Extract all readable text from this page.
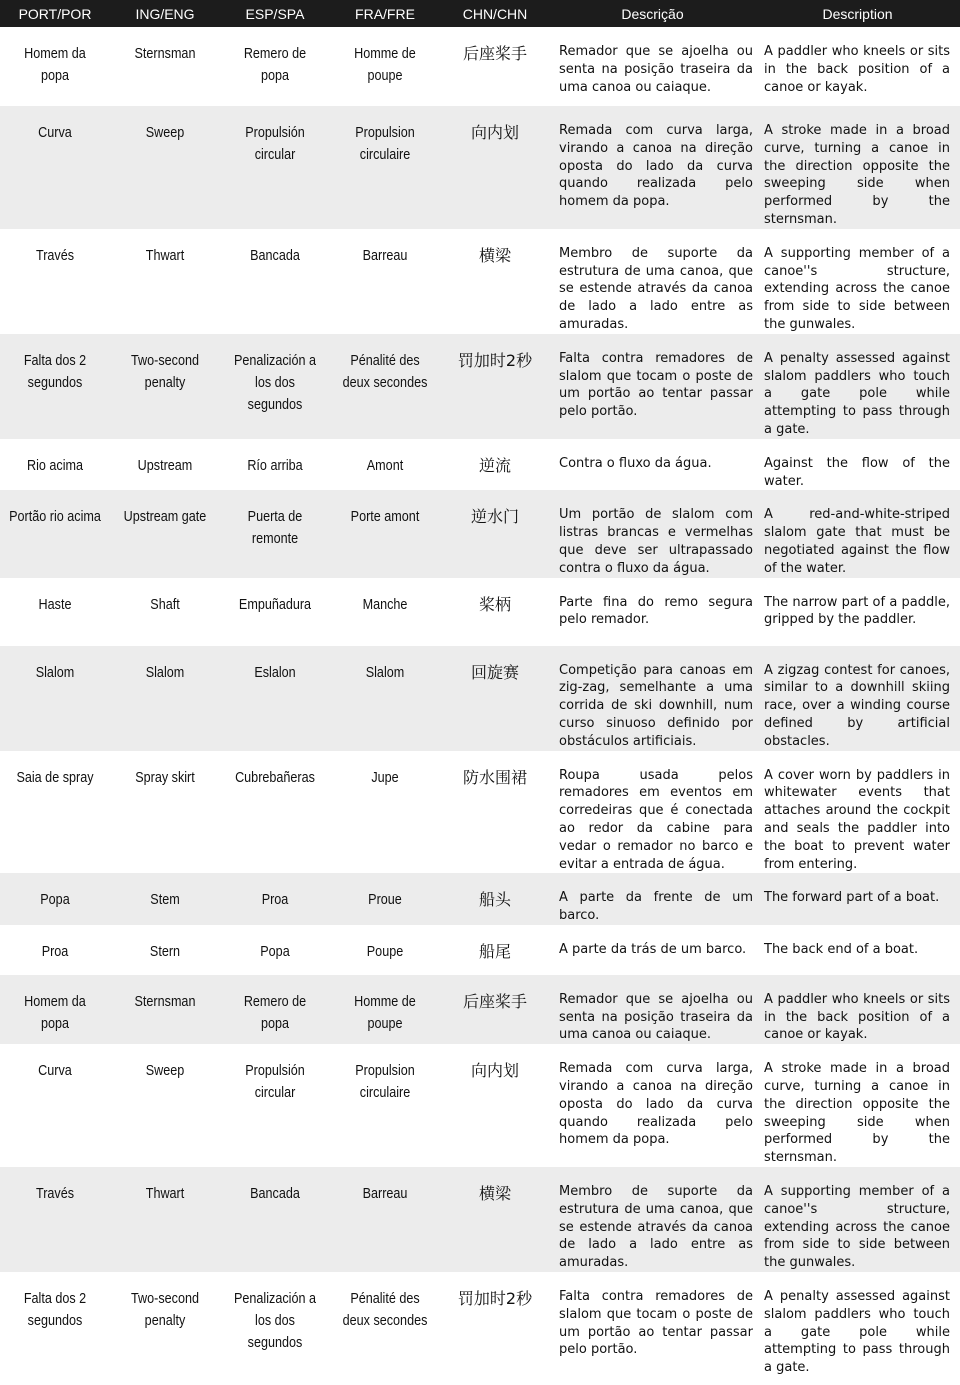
PORT/POR	ING/ENG	ESP/SPA	FRA/FRE	CHN/CHN	Descrição	Description

Homem da popa	Sternsman	Remero de popa	Homme de poupe	后座桨手	Remador que se ajoelha ou senta na posição traseira da uma canoa ou caiaque.	A paddler who kneels or sits in the back position of a canoe or kayak.

Curva	Sweep	Propulsión circular	Propulsion circulaire	向内划	Remada com curva larga, virando a canoa na direção oposta do lado da curva quando realizada pelo homem da popa.	A stroke made in a broad curve, turning a canoe in the direction opposite the sweeping side when performed by the sternsman.

Través	Thwart	Bancada	Barreau	横梁	Membro de suporte da estrutura de uma canoa, que se estende através da canoa de lado a lado entre as amuradas.	A supporting member of a canoe''s structure, extending across the canoe from side to side between the gunwales.

Falta dos 2 segundos	Two-second penalty	Penalización a los dos segundos	Pénalité des deux secondes	罚加时2秒	Falta contra remadores de slalom que tocam o poste de um portão ao tentar passar pelo portão.	A penalty assessed against slalom paddlers who touch a gate pole while attempting to pass through a gate.

Rio acima	Upstream	Río arriba	Amont	逆流	Contra o fluxo da água.	Against the flow of the water.

Portão rio acima	Upstream gate	Puerta de remonte	Porte amont	逆水门	Um portão de slalom com listras brancas e vermelhas que deve ser ultrapassado contra o fluxo da água.	A red-and-white-striped slalom gate that must be negotiated against the flow of the water.

Haste	Shaft	Empuñadura	Manche	桨柄	Parte fina do remo segura pelo remador.	The narrow part of a paddle, gripped by the paddler.

Slalom	Slalom	Eslalon	Slalom	回旋赛	Competição para canoas em zig-zag, semelhante a uma corrida de ski downhill, num curso sinuoso definido por obstáculos artificiais.	A zigzag contest for canoes, similar to a downhill skiing race, over a winding course defined by artificial obstacles.

Saia de spray	Spray skirt	Cubrebañeras	Jupe	防水围裙	Roupa usada pelos remadores em eventos em corredeiras que é conectada ao redor da cabine para vedar o remador no barco e evitar a entrada de água.	A cover worn by paddlers in whitewater events that attaches around the cockpit and seals the paddler into the boat to prevent water from entering.

Popa	Stem	Proa	Proue	船头	A parte da frente de um barco.	The forward part of a boat.

Proa	Stern	Popa	Poupe	船尾	A parte da trás de um barco.	The back end of a boat.

Homem da popa	Sternsman	Remero de popa	Homme de poupe	后座桨手	Remador que se ajoelha ou senta na posição traseira da uma canoa ou caiaque.	A paddler who kneels or sits in the back position of a canoe or kayak.

Curva	Sweep	Propulsión circular	Propulsion circulaire	向内划	Remada com curva larga, virando a canoa na direção oposta do lado da curva quando realizada pelo homem da popa.	A stroke made in a broad curve, turning a canoe in the direction opposite the sweeping side when performed by the sternsman.

Través	Thwart	Bancada	Barreau	横梁	Membro de suporte da estrutura de uma canoa, que se estende através da canoa de lado a lado entre as amuradas.	A supporting member of a canoe''s structure, extending across the canoe from side to side between the gunwales.

Falta dos 2 segundos	Two-second penalty	Penalización a los dos segundos	Pénalité des deux secondes	罚加时2秒	Falta contra remadores de slalom que tocam o poste de um portão ao tentar passar pelo portão.	A penalty assessed against slalom paddlers who touch a gate pole while attempting to pass through a gate.
